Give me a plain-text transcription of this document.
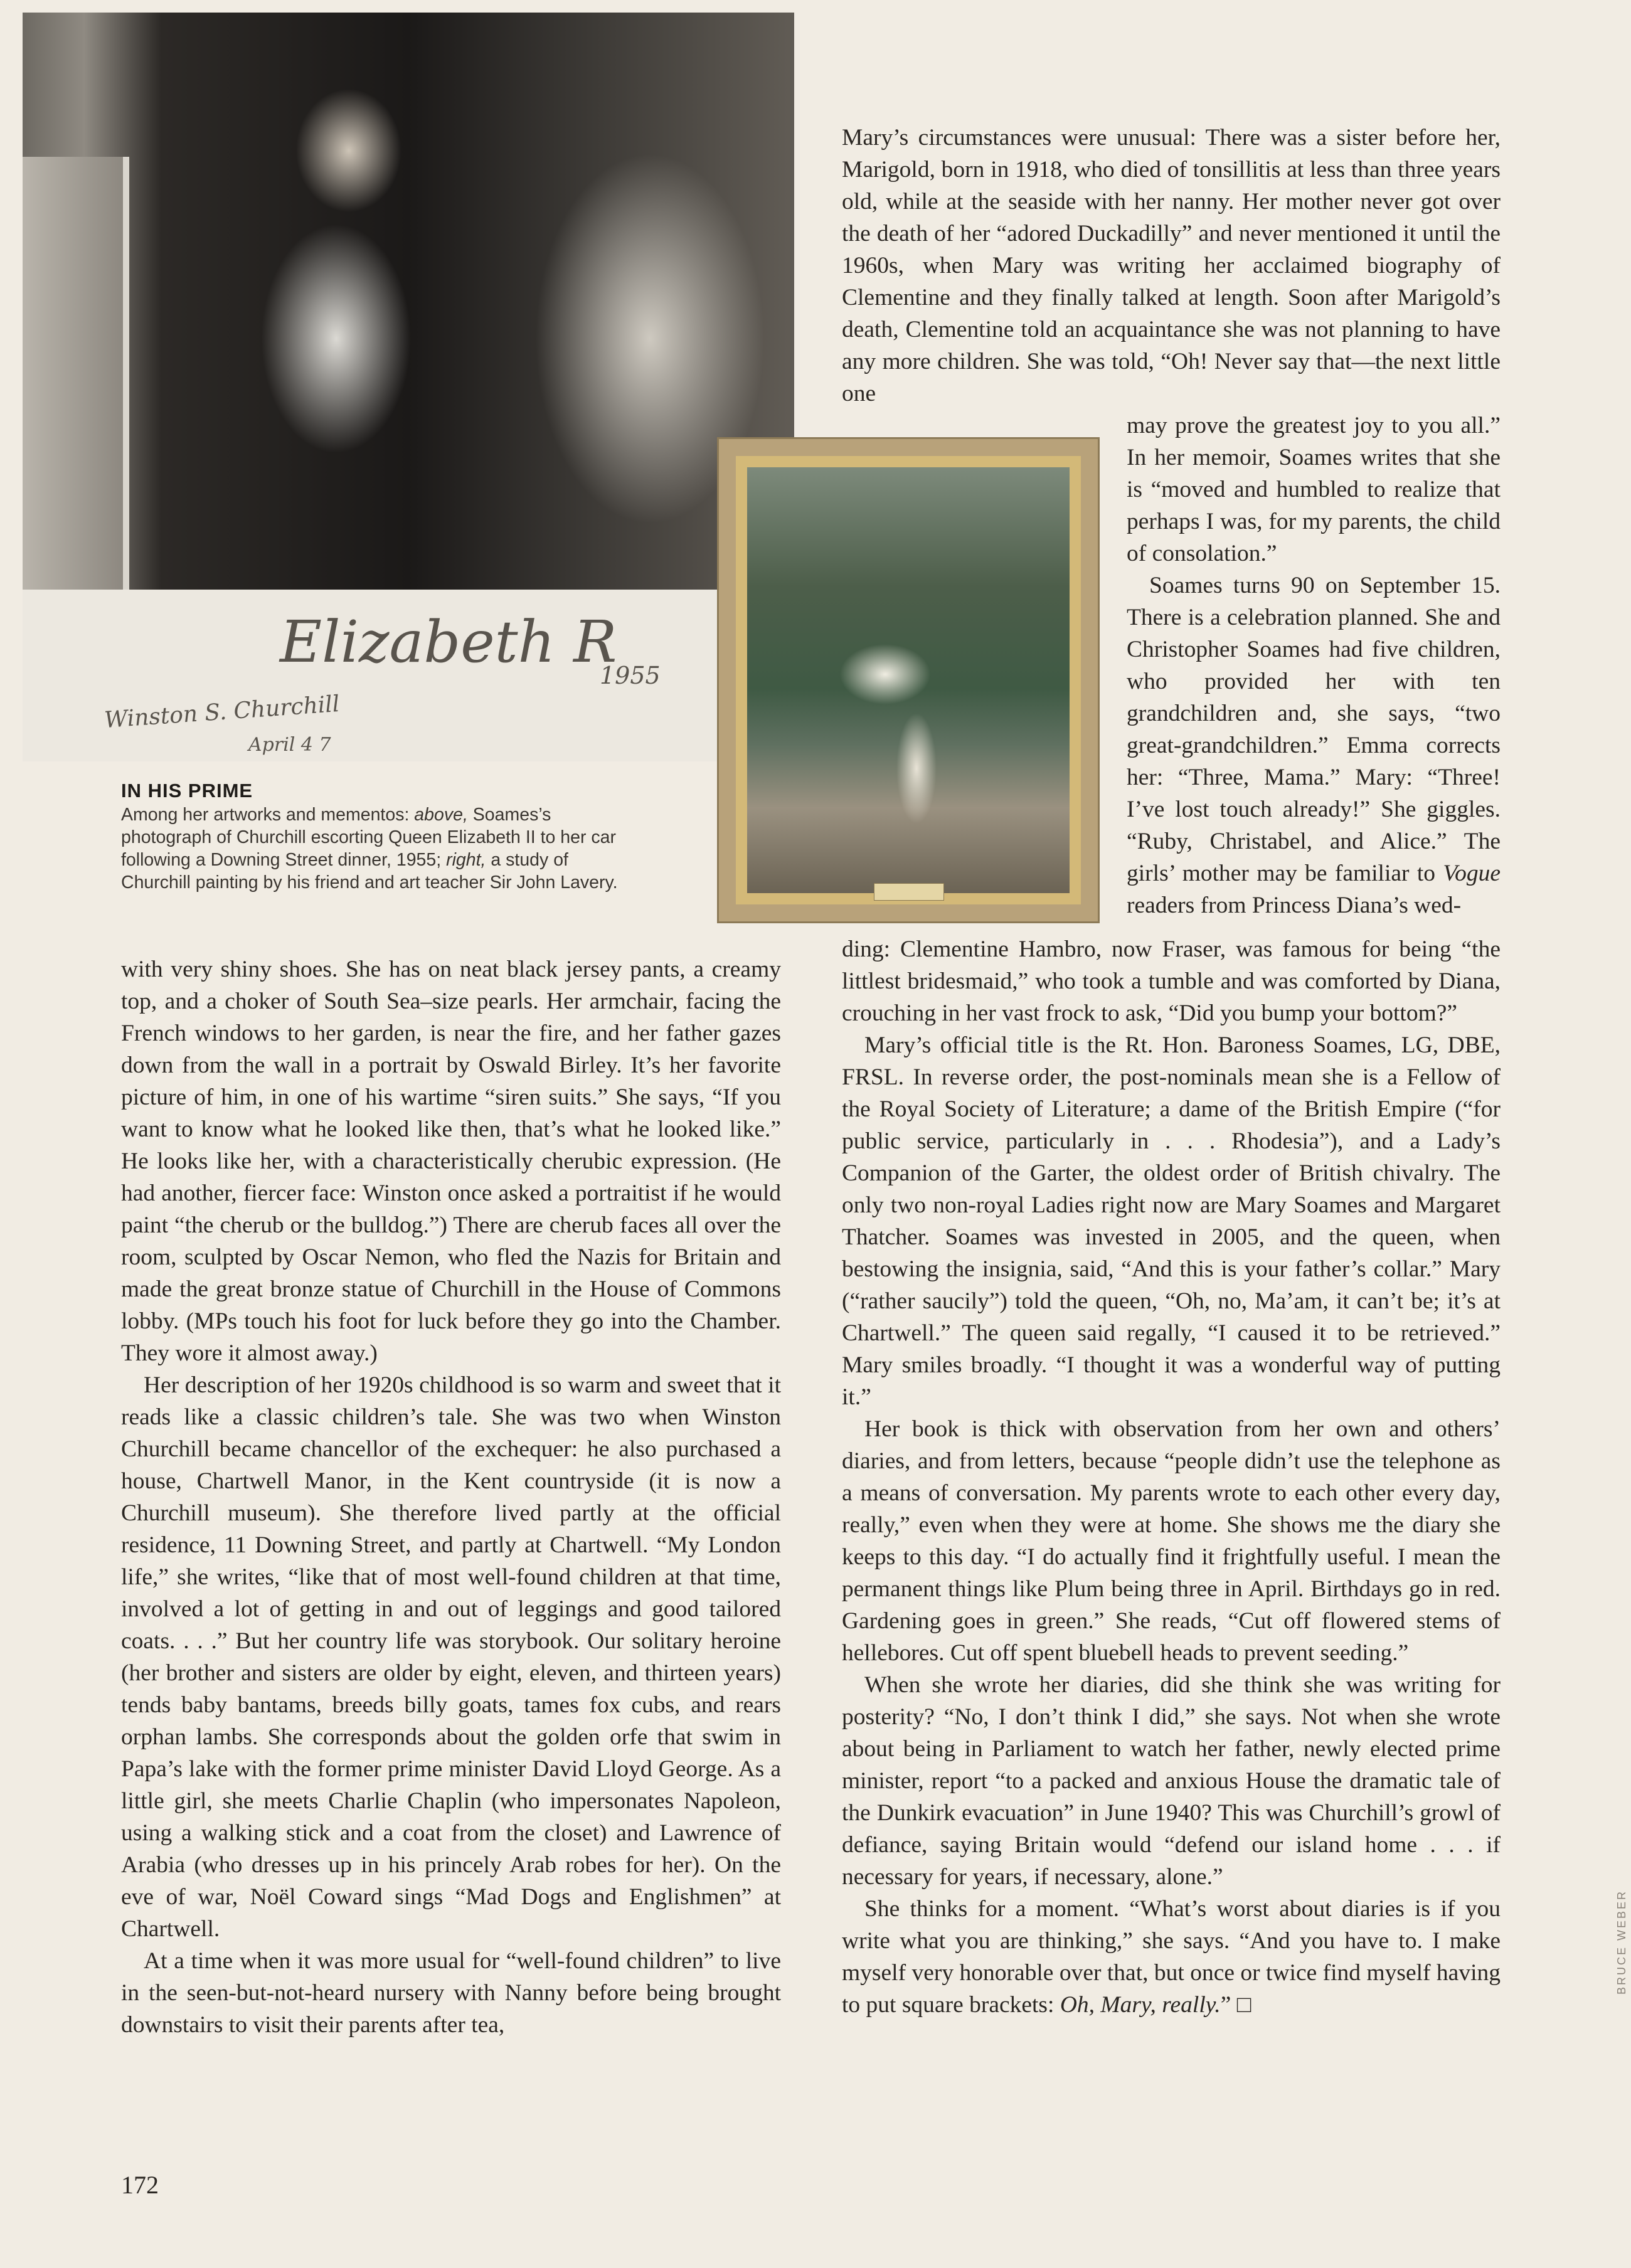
Elizabeth R
1955
Winston S. Churchill
April 4 7
IN HIS PRIME
Among her artworks and mementos: above, Soames’s photograph of Churchill escorting Queen Elizabeth II to her car following a Downing Street dinner, 1955; right, a study of Churchill painting by his friend and art teacher Sir John Lavery.

with very shiny shoes. She has on neat black jersey pants, a creamy top, and a choker of South Sea–size pearls. Her armchair, facing the French windows to her garden, is near the fire, and her father gazes down from the wall in a portrait by Oswald Birley. It’s her favorite picture of him, in one of his wartime “siren suits.” She says, “If you want to know what he looked like then, that’s what he looked like.” He looks like her, with a characteristically cherubic expression. (He had another, fiercer face: Winston once asked a portraitist if he would paint “the cherub or the bulldog.”) There are cherub faces all over the room, sculpted by Oscar Nemon, who fled the Nazis for Britain and made the great bronze statue of Churchill in the House of Commons lobby. (MPs touch his foot for luck before they go into the Chamber. They wore it almost away.)

Her description of her 1920s childhood is so warm and sweet that it reads like a classic children’s tale. She was two when Winston Churchill became chancellor of the exchequer: he also purchased a house, Chartwell Manor, in the Kent countryside (it is now a Churchill museum). She therefore lived partly at the official residence, 11 Downing Street, and partly at Chartwell. “My London life,” she writes, “like that of most well-found children at that time, involved a lot of getting in and out of leggings and good tailored coats. . . .” But her country life was storybook. Our solitary heroine (her brother and sisters are older by eight, eleven, and thirteen years) tends baby bantams, breeds billy goats, tames fox cubs, and rears orphan lambs. She corresponds about the golden orfe that swim in Papa’s lake with the former prime minister David Lloyd George. As a little girl, she meets Charlie Chaplin (who impersonates Napoleon, using a walking stick and a coat from the closet) and Lawrence of Arabia (who dresses up in his princely Arab robes for her). On the eve of war, Noël Coward sings “Mad Dogs and Englishmen” at Chartwell.

At a time when it was more usual for “well-found children” to live in the seen-but-not-heard nursery with Nanny before being brought downstairs to visit their parents after tea,

Mary’s circumstances were unusual: There was a sister before her, Marigold, born in 1918, who died of tonsillitis at less than three years old, while at the seaside with her nanny. Her mother never got over the death of her “adored Duckadilly” and never mentioned it until the 1960s, when Mary was writing her acclaimed biography of Clementine and they finally talked at length. Soon after Marigold’s death, Clementine told an acquaintance she was not planning to have any more children. She was told, “Oh! Never say that—the next little one

may prove the greatest joy to you all.” In her memoir, Soames writes that she is “moved and humbled to realize that perhaps I was, for my parents, the child of consolation.”

Soames turns 90 on September 15. There is a celebration planned. She and Christopher Soames had five children, who provided her with ten grandchildren and, she says, “two great-grandchildren.” Emma corrects her: “Three, Mama.” Mary: “Three! I’ve lost touch already!” She giggles. “Ruby, Christabel, and Alice.” The girls’ mother may be familiar to Vogue readers from Princess Diana’s wed-

ding: Clementine Hambro, now Fraser, was famous for being “the littlest bridesmaid,” who took a tumble and was comforted by Diana, crouching in her vast frock to ask, “Did you bump your bottom?”

Mary’s official title is the Rt. Hon. Baroness Soames, LG, DBE, FRSL. In reverse order, the post-nominals mean she is a Fellow of the Royal Society of Literature; a dame of the British Empire (“for public service, particularly in . . . Rhodesia”), and a Lady’s Companion of the Garter, the oldest order of British chivalry. The only two non-royal Ladies right now are Mary Soames and Margaret Thatcher. Soames was invested in 2005, and the queen, when bestowing the insignia, said, “And this is your father’s collar.” Mary (“rather saucily”) told the queen, “Oh, no, Ma’am, it can’t be; it’s at Chartwell.” The queen said regally, “I caused it to be retrieved.” Mary smiles broadly. “I thought it was a wonderful way of putting it.”

Her book is thick with observation from her own and others’ diaries, and from letters, because “people didn’t use the telephone as a means of conversation. My parents wrote to each other every day, really,” even when they were at home. She shows me the diary she keeps to this day. “I do actually find it frightfully useful. I mean the permanent things like Plum being three in April. Birthdays go in red. Gardening goes in green.” She reads, “Cut off flowered stems of hellebores. Cut off spent bluebell heads to prevent seeding.”

When she wrote her diaries, did she think she was writing for posterity? “No, I don’t think I did,” she says. Not when she wrote about being in Parliament to watch her father, newly elected prime minister, report “to a packed and anxious House the dramatic tale of the Dunkirk evacuation” in June 1940? This was Churchill’s growl of defiance, saying Britain would “defend our island home . . . if necessary for years, if necessary, alone.”

She thinks for a moment. “What’s worst about diaries is if you write what you are thinking,” she says. “And you have to. I make myself very honorable over that, but once or twice find myself having to put square brackets: Oh, Mary, really.” □

172
BRUCE WEBER
